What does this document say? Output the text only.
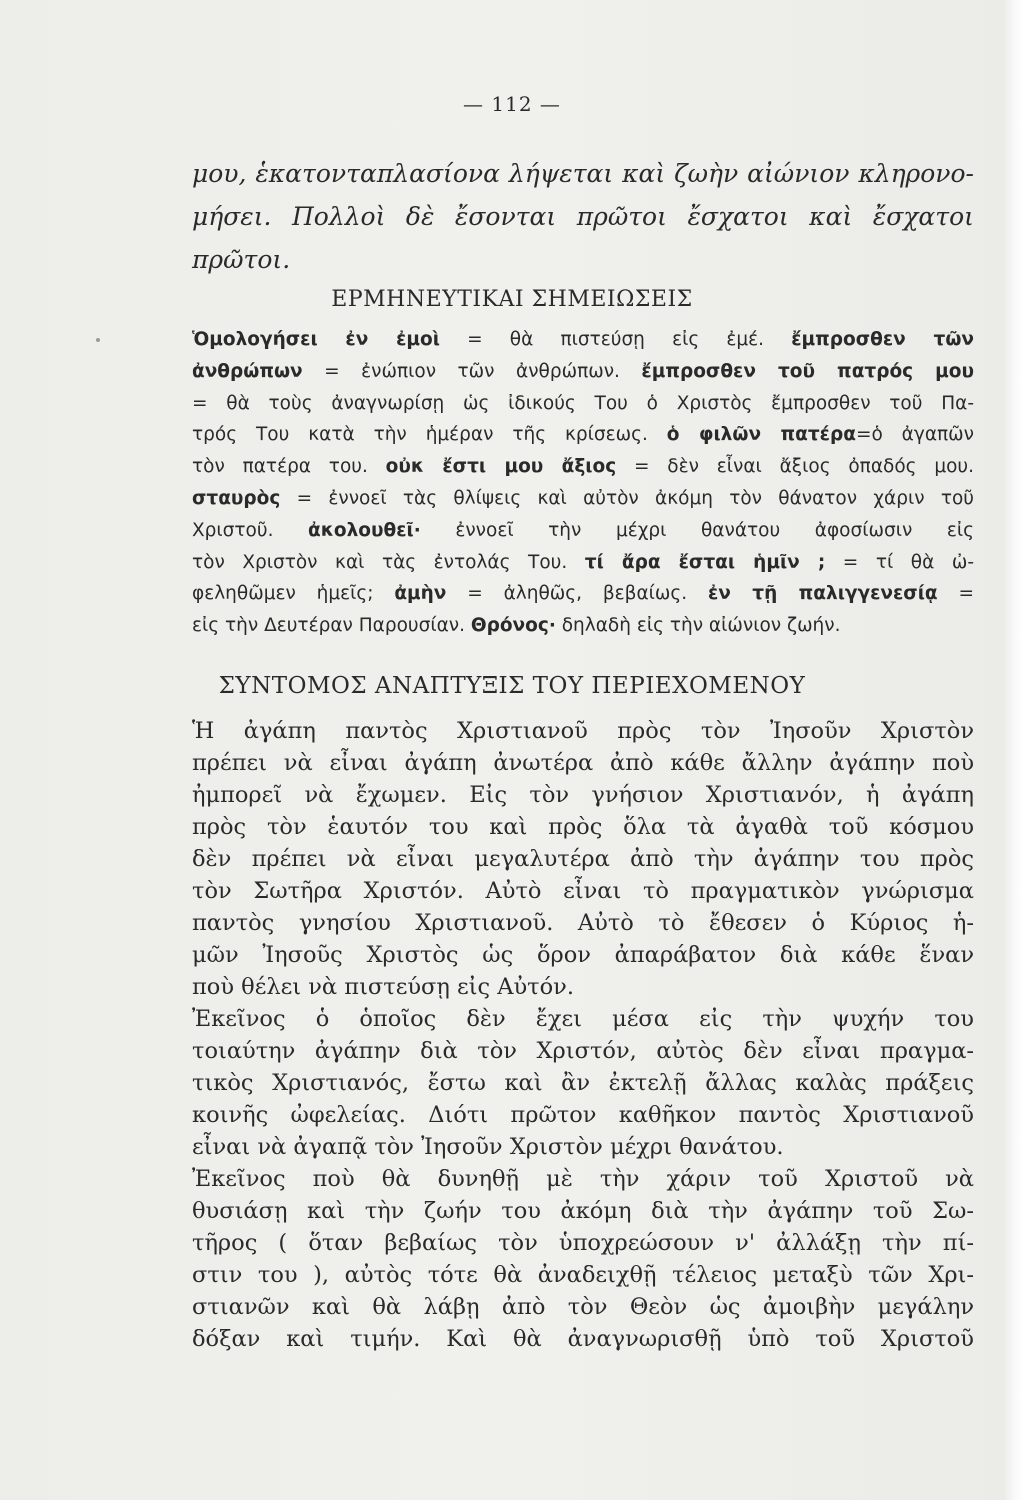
— 112 —
μου, ἑκατονταπλασίονα λήψεται καὶ ζωὴν αἰώνιον κληρονο-
μήσει. Πολλοὶ δὲ ἔσονται πρῶτοι ἔσχατοι καὶ ἔσχατοι
πρῶτοι.
ΕΡΜΗΝΕΥΤΙΚΑΙ ΣΗΜΕΙΩΣΕΙΣ
Ὁμολογήσει ἐν ἐμοὶ = θὰ πιστεύσῃ εἰς ἐμέ. ἔμπροσθεν τῶν
ἀνθρώπων = ἐνώπιον τῶν ἀνθρώπων. ἔμπροσθεν τοῦ πατρός μου
= θὰ τοὺς ἀναγνωρίσῃ ὡς ἰδικούς Του ὁ Χριστὸς ἔμπροσθεν τοῦ Πα-
τρός Του κατὰ τὴν ἡμέραν τῆς κρίσεως. ὁ φιλῶν πατέρα=ὁ ἀγαπῶν
τὸν πατέρα του. οὐκ ἔστι μου ἄξιος = δὲν εἶναι ἄξιος ὀπαδός μου.
σταυρὸς = ἐννοεῖ τὰς θλίψεις καὶ αὐτὸν ἀκόμη τὸν θάνατον χάριν τοῦ
Χριστοῦ. ἀκολουθεῖ· ἐννοεῖ τὴν μέχρι θανάτου ἀφοσίωσιν εἰς
τὸν Χριστὸν καὶ τὰς ἐντολάς Του. τί ἄρα ἔσται ἡμῖν ; = τί θὰ ὠ-
φεληθῶμεν ἡμεῖς; ἀμὴν = ἀληθῶς, βεβαίως. ἐν τῇ παλιγγενεσίᾳ =
εἰς τὴν Δευτέραν Παρουσίαν. Θρόνος· δηλαδὴ εἰς τὴν αἰώνιον ζωήν.
ΣΥΝΤΟΜΟΣ ΑΝΑΠΤΥΞΙΣ ΤΟΥ ΠΕΡΙΕΧΟΜΕΝΟΥ
Ἡ ἀγάπη παντὸς Χριστιανοῦ πρὸς τὸν Ἰησοῦν Χριστὸν
πρέπει νὰ εἶναι ἀγάπη ἀνωτέρα ἀπὸ κάθε ἄλλην ἀγάπην ποὺ
ἠμπορεῖ νὰ ἔχωμεν. Εἰς τὸν γνήσιον Χριστιανόν, ἡ ἀγάπη
πρὸς τὸν ἑαυτόν του καὶ πρὸς ὅλα τὰ ἀγαθὰ τοῦ κόσμου
δὲν πρέπει νὰ εἶναι μεγαλυτέρα ἀπὸ τὴν ἀγάπην του πρὸς
τὸν Σωτῆρα Χριστόν. Αὐτὸ εἶναι τὸ πραγματικὸν γνώρισμα
παντὸς γνησίου Χριστιανοῦ. Αὐτὸ τὸ ἔθεσεν ὁ Κύριος ἡ-
μῶν Ἰησοῦς Χριστὸς ὡς ὅρον ἀπαράβατον διὰ κάθε ἕναν
ποὺ θέλει νὰ πιστεύσῃ εἰς Αὐτόν.
Ἐκεῖνος ὁ ὁποῖος δὲν ἔχει μέσα εἰς τὴν ψυχήν του
τοιαύτην ἀγάπην διὰ τὸν Χριστόν, αὐτὸς δὲν εἶναι πραγμα-
τικὸς Χριστιανός, ἔστω καὶ ἂν ἐκτελῇ ἄλλας καλὰς πράξεις
κοινῆς ὠφελείας. Διότι πρῶτον καθῆκον παντὸς Χριστιανοῦ
εἶναι νὰ ἀγαπᾷ τὸν Ἰησοῦν Χριστὸν μέχρι θανάτου.
Ἐκεῖνος ποὺ θὰ δυνηθῇ μὲ τὴν χάριν τοῦ Χριστοῦ νὰ
θυσιάσῃ καὶ τὴν ζωήν του ἀκόμη διὰ τὴν ἀγάπην τοῦ Σω-
τῆρος ( ὅταν βεβαίως τὸν ὑποχρεώσουν ν' ἀλλάξῃ τὴν πί-
στιν του ), αὐτὸς τότε θὰ ἀναδειχθῇ τέλειος μεταξὺ τῶν Χρι-
στιανῶν καὶ θὰ λάβῃ ἀπὸ τὸν Θεὸν ὡς ἀμοιβὴν μεγάλην
δόξαν καὶ τιμήν. Καὶ θὰ ἀναγνωρισθῇ ὑπὸ τοῦ Χριστοῦ
